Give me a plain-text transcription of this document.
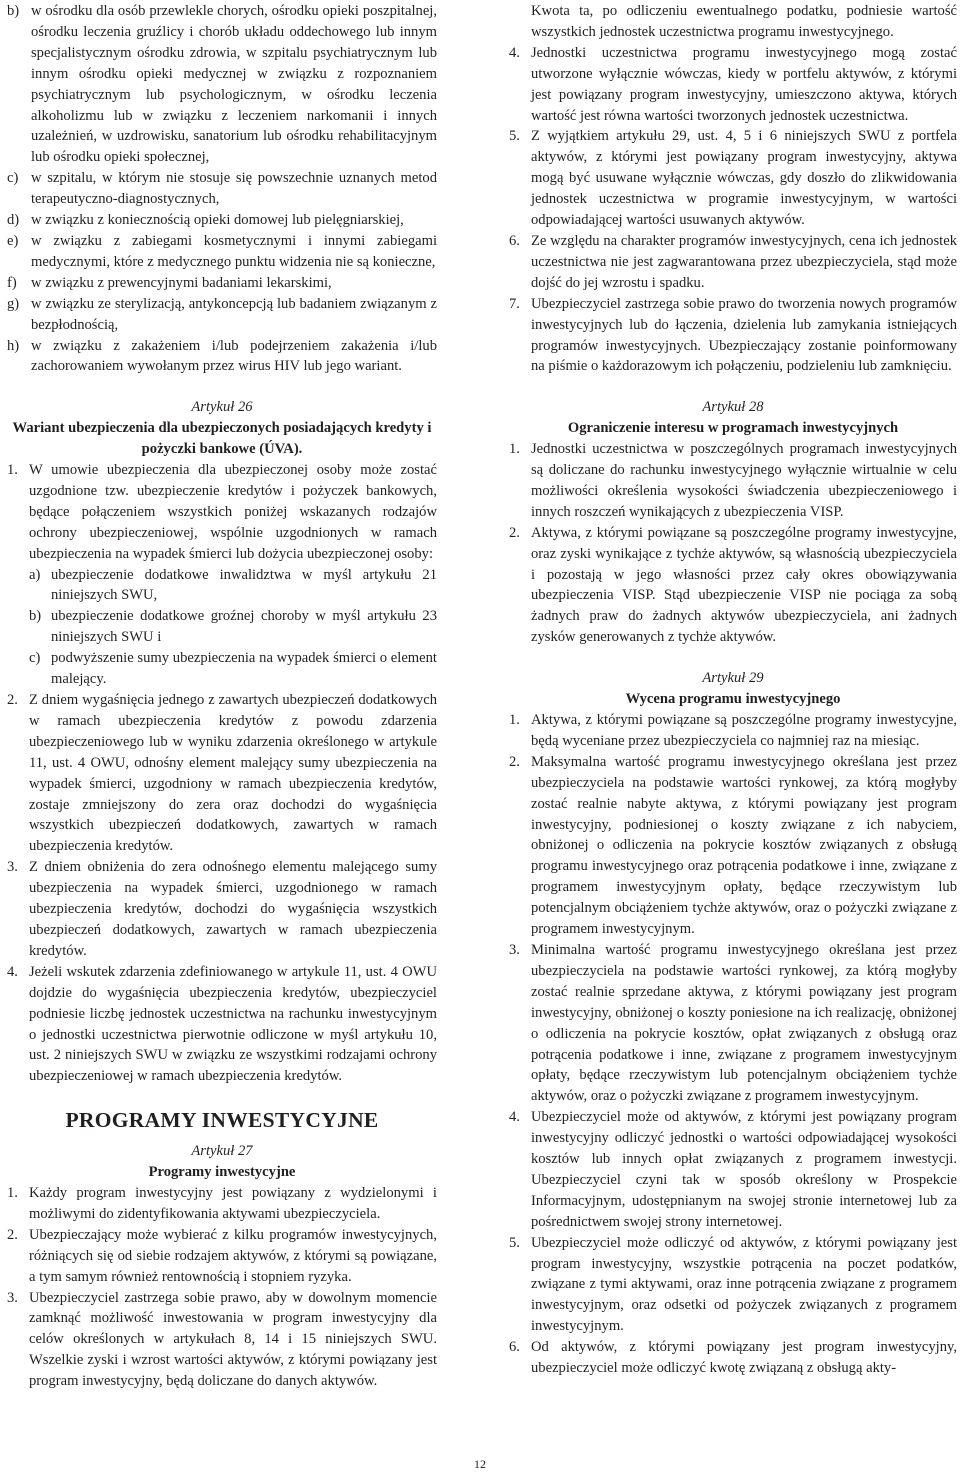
b) w ośrodku dla osób przewlekle chorych, ośrodku opieki poszpitalnej, ośrodku leczenia gruźlicy i chorób układu oddechowego lub innym specjalistycznym ośrodku zdrowia, w szpitalu psychiatrycznym lub innym ośrodku opieki medycznej w związku z rozpoznaniem psychiatrycznym lub psychologicznym, w ośrodku leczenia alkoholizmu lub w związku z leczeniem narkomanii i innych uzależnień, w uzdrowisku, sanatorium lub ośrodku rehabilitacyjnym lub ośrodku opieki społecznej,
c) w szpitalu, w którym nie stosuje się powszechnie uznanych metod terapeutyczno-diagnostycznych,
d) w związku z koniecznością opieki domowej lub pielęgniarskiej,
e) w związku z zabiegami kosmetycznymi i innymi zabiegami medycznymi, które z medycznego punktu widzenia nie są konieczne,
f) w związku z prewencyjnymi badaniami lekarskimi,
g) w związku ze sterylizacją, antykoncepcją lub badaniem związanym z bezpłodnością,
h) w związku z zakażeniem i/lub podejrzeniem zakażenia i/lub zachorowaniem wywołanym przez wirus HIV lub jego wariant.

Artykuł 26

Wariant ubezpieczenia dla ubezpieczonych posiadających kredyty i pożyczki bankowe (ÚVA).

1. W umowie ubezpieczenia dla ubezpieczonej osoby może zostać uzgodnione tzw. ubezpieczenie kredytów i pożyczek bankowych, będące połączeniem wszystkich poniżej wskazanych rodzajów ochrony ubezpieczeniowej, wspólnie uzgodnionych w ramach ubezpieczenia na wypadek śmierci lub dożycia ubezpieczonej osoby:
a) ubezpieczenie dodatkowe inwalidztwa w myśl artykułu 21 niniejszych SWU,
b) ubezpieczenie dodatkowe groźnej choroby w myśl artykułu 23 niniejszych SWU i
c) podwyższenie sumy ubezpieczenia na wypadek śmierci o element malejący.
2. Z dniem wygaśnięcia jednego z zawartych ubezpieczeń dodatkowych w ramach ubezpieczenia kredytów z powodu zdarzenia ubezpieczeniowego lub w wyniku zdarzenia określonego w artykule 11, ust. 4 OWU, odnośny element malejący sumy ubezpieczenia na wypadek śmierci, uzgodniony w ramach ubezpieczenia kredytów, zostaje zmniejszony do zera oraz dochodzi do wygaśnięcia wszystkich ubezpieczeń dodatkowych, zawartych w ramach ubezpieczenia kredytów.
3. Z dniem obniżenia do zera odnośnego elementu malejącego sumy ubezpieczenia na wypadek śmierci, uzgodnionego w ramach ubezpieczenia kredytów, dochodzi do wygaśnięcia wszystkich ubezpieczeń dodatkowych, zawartych w ramach ubezpieczenia kredytów.
4. Jeżeli wskutek zdarzenia zdefiniowanego w artykule 11, ust. 4 OWU dojdzie do wygaśnięcia ubezpieczenia kredytów, ubezpieczyciel podniesie liczbę jednostek uczestnictwa na rachunku inwestycyjnym o jednostki uczestnictwa pierwotnie odliczone w myśl artykułu 10, ust. 2 niniejszych SWU w związku ze wszystkimi rodzajami ochrony ubezpieczeniowej w ramach ubezpieczenia kredytów.

PROGRAMY INWESTYCYJNE

Artykuł 27

Programy inwestycyjne

1. Każdy program inwestycyjny jest powiązany z wydzielonymi i możliwymi do zidentyfikowania aktywami ubezpieczyciela.
2. Ubezpieczający może wybierać z kilku programów inwestycyjnych, różniących się od siebie rodzajem aktywów, z którymi są powiązane, a tym samym również rentownością i stopniem ryzyka.
3. Ubezpieczyciel zastrzega sobie prawo, aby w dowolnym momencie zamknąć możliwość inwestowania w program inwestycyjny dla celów określonych w artykułach 8, 14 i 15 niniejszych SWU. Wszelkie zyski i wzrost wartości aktywów, z którymi powiązany jest program inwestycyjny, będą doliczane do danych aktywów.

Kwota ta, po odliczeniu ewentualnego podatku, podniesie wartość wszystkich jednostek uczestnictwa programu inwestycyjnego.

4. Jednostki uczestnictwa programu inwestycyjnego mogą zostać utworzone wyłącznie wówczas, kiedy w portfelu aktywów, z którymi jest powiązany program inwestycyjny, umieszczono aktywa, których wartość jest równa wartości tworzonych jednostek uczestnictwa.
5. Z wyjątkiem artykułu 29, ust. 4, 5 i 6 niniejszych SWU z portfela aktywów, z którymi jest powiązany program inwestycyjny, aktywa mogą być usuwane wyłącznie wówczas, gdy doszło do zlikwidowania jednostek uczestnictwa w programie inwestycyjnym, w wartości odpowiadającej wartości usuwanych aktywów.
6. Ze względu na charakter programów inwestycyjnych, cena ich jednostek uczestnictwa nie jest zagwarantowana przez ubezpieczyciela, stąd może dojść do jej wzrostu i spadku.
7. Ubezpieczyciel zastrzega sobie prawo do tworzenia nowych programów inwestycyjnych lub do łączenia, dzielenia lub zamykania istniejących programów inwestycyjnych. Ubezpieczający zostanie poinformowany na piśmie o każdorazowym ich połączeniu, podzieleniu lub zamknięciu.

Artykuł 28

Ograniczenie interesu w programach inwestycyjnych

1. Jednostki uczestnictwa w poszczególnych programach inwestycyjnych są doliczane do rachunku inwestycyjnego wyłącznie wirtualnie w celu możliwości określenia wysokości świadczenia ubezpieczeniowego i innych roszczeń wynikających z ubezpieczenia VISP.
2. Aktywa, z którymi powiązane są poszczególne programy inwestycyjne, oraz zyski wynikające z tychże aktywów, są własnością ubezpieczyciela i pozostają w jego własności przez cały okres obowiązywania ubezpieczenia VISP. Stąd ubezpieczenie VISP nie pociąga za sobą żadnych praw do żadnych aktywów ubezpieczyciela, ani żadnych zysków generowanych z tychże aktywów.

Artykuł 29

Wycena programu inwestycyjnego

1. Aktywa, z którymi powiązane są poszczególne programy inwestycyjne, będą wyceniane przez ubezpieczyciela co najmniej raz na miesiąc.
2. Maksymalna wartość programu inwestycyjnego określana jest przez ubezpieczyciela na podstawie wartości rynkowej, za którą mogłyby zostać realnie nabyte aktywa, z którymi powiązany jest program inwestycyjny, podniesionej o koszty związane z ich nabyciem, obniżonej o odliczenia na pokrycie kosztów związanych z obsługą programu inwestycyjnego oraz potrącenia podatkowe i inne, związane z programem inwestycyjnym opłaty, będące rzeczywistym lub potencjalnym obciążeniem tychże aktywów, oraz o pożyczki związane z programem inwestycyjnym.
3. Minimalna wartość programu inwestycyjnego określana jest przez ubezpieczyciela na podstawie wartości rynkowej, za którą mogłyby zostać realnie sprzedane aktywa, z którymi powiązany jest program inwestycyjny, obniżonej o koszty poniesione na ich realizację, obniżonej o odliczenia na pokrycie kosztów, opłat związanych z obsługą oraz potrącenia podatkowe i inne, związane z programem inwestycyjnym opłaty, będące rzeczywistym lub potencjalnym obciążeniem tychże aktywów, oraz o pożyczki związane z programem inwestycyjnym.
4. Ubezpieczyciel może od aktywów, z którymi jest powiązany program inwestycyjny odliczyć jednostki o wartości odpowiadającej wysokości kosztów lub innych opłat związanych z programem inwestycji. Ubezpieczyciel czyni tak w sposób określony w Prospekcie Informacyjnym, udostępnianym na swojej stronie internetowej lub za pośrednictwem swojej strony internetowej.
5. Ubezpieczyciel może odliczyć od aktywów, z którymi powiązany jest program inwestycyjny, wszystkie potrącenia na poczet podatków, związane z tymi aktywami, oraz inne potrącenia związane z programem inwestycyjnym, oraz odsetki od pożyczek związanych z programem inwestycyjnym.
6. Od aktywów, z którymi powiązany jest program inwestycyjny, ubezpieczyciel może odliczyć kwotę związaną z obsługą akty-
12
